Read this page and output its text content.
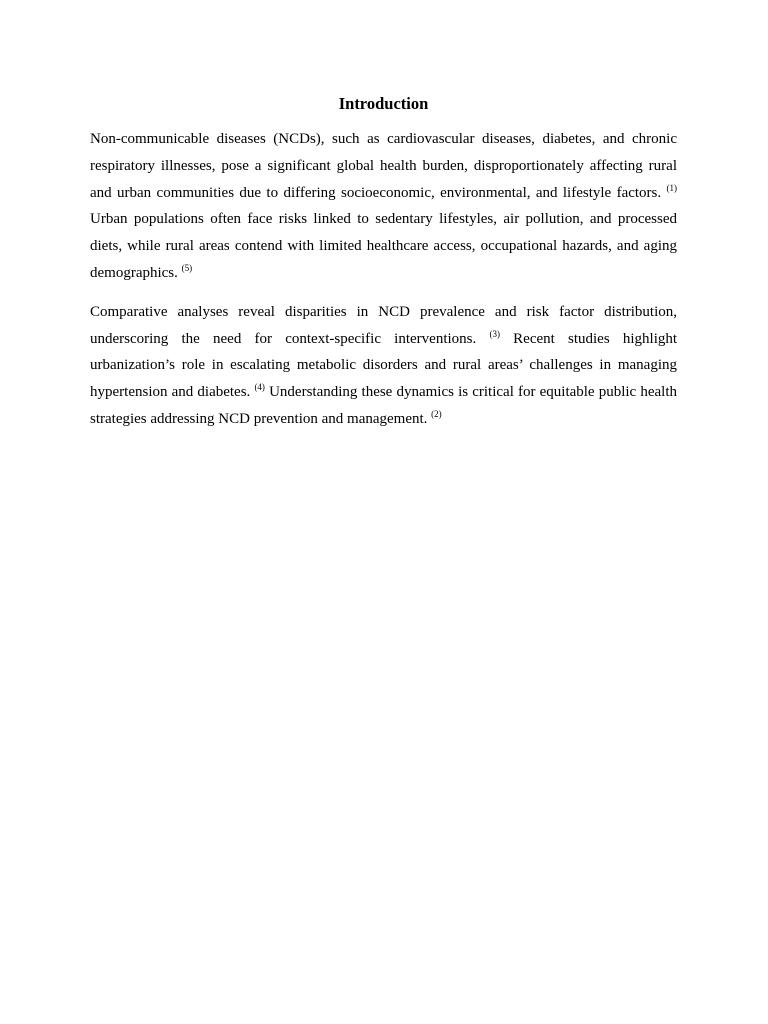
Introduction

Non-communicable diseases (NCDs), such as cardiovascular diseases, diabetes, and chronic respiratory illnesses, pose a significant global health burden, disproportionately affecting rural and urban communities due to differing socioeconomic, environmental, and lifestyle factors. $^{(1)}$ Urban populations often face risks linked to sedentary lifestyles, air pollution, and processed diets, while rural areas contend with limited healthcare access, occupational hazards, and aging demographics. $^{(5)}$

Comparative analyses reveal disparities in NCD prevalence and risk factor distribution, underscoring the need for context-specific interventions. $^{(3)}$ Recent studies highlight urbanization’s role in escalating metabolic disorders and rural areas’ challenges in managing hypertension and diabetes. $^{(4)}$ Understanding these dynamics is critical for equitable public health strategies addressing NCD prevention and management. $^{(2)}$
